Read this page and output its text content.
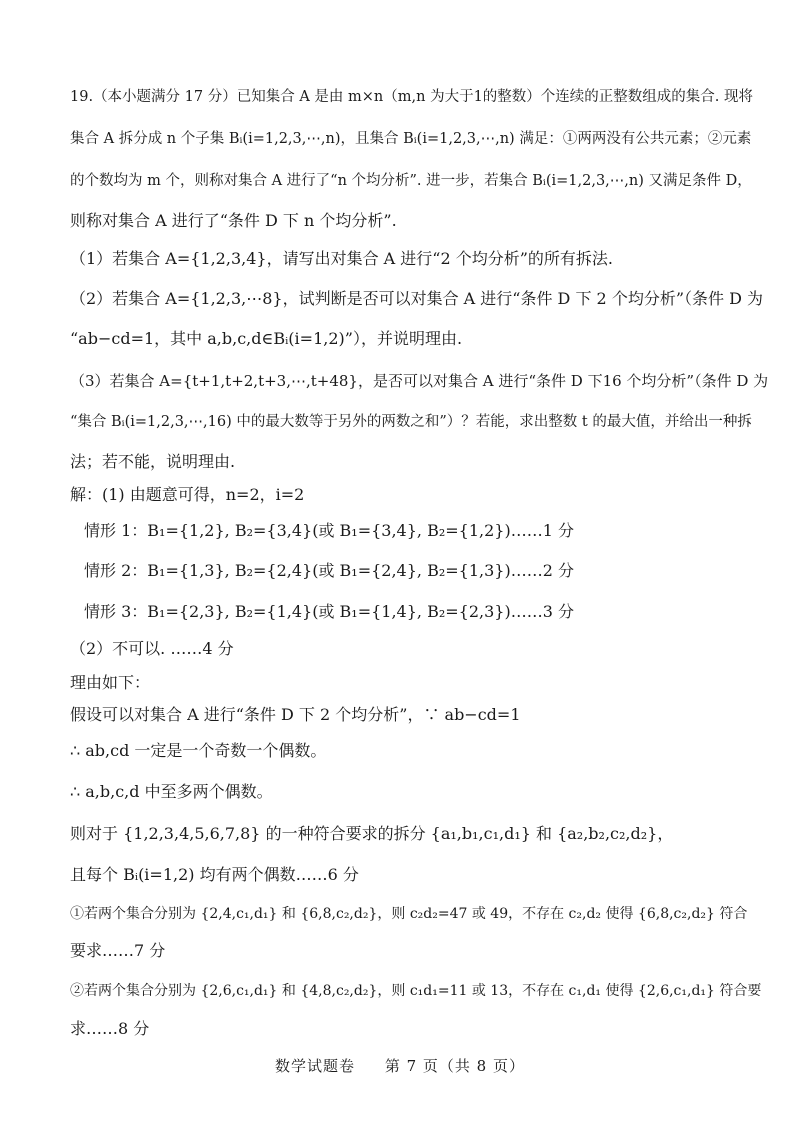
19.（本小题满分 17 分）已知集合 A 是由 m×n（m,n 为大于1的整数）个连续的正整数组成的集合. 现将
集合 A 拆分成 n 个子集 Bᵢ(i=1,2,3,⋯,n)，且集合 Bᵢ(i=1,2,3,⋯,n) 满足：①两两没有公共元素；②元素
的个数均为 m 个，则称对集合 A 进行了“n 个均分析”. 进一步，若集合 Bᵢ(i=1,2,3,⋯,n) 又满足条件 D，
则称对集合 A 进行了“条件 D 下 n 个均分析”.
（1）若集合 A={1,2,3,4}，请写出对集合 A 进行“2 个均分析”的所有拆法.
（2）若集合 A={1,2,3,⋯8}，试判断是否可以对集合 A 进行“条件 D 下 2 个均分析”（条件 D 为
“ab−cd=1，其中 a,b,c,d∈Bᵢ(i=1,2)”），并说明理由.
（3）若集合 A={t+1,t+2,t+3,⋯,t+48}，是否可以对集合 A 进行“条件 D 下16 个均分析”（条件 D 为
“集合 Bᵢ(i=1,2,3,⋯,16) 中的最大数等于另外的两数之和”）？若能，求出整数 t 的最大值，并给出一种拆
法；若不能，说明理由.
解：(1) 由题意可得，n=2，i=2
情形 1：B₁={1,2}, B₂={3,4}(或 B₁={3,4}, B₂={1,2})……1 分
情形 2：B₁={1,3}, B₂={2,4}(或 B₁={2,4}, B₂={1,3})……2 分
情形 3：B₁={2,3}, B₂={1,4}(或 B₁={1,4}, B₂={2,3})……3 分
（2）不可以. ……4 分
理由如下：
假设可以对集合 A 进行“条件 D 下 2 个均分析”，∵ ab−cd=1
∴ ab,cd 一定是一个奇数一个偶数。
∴ a,b,c,d 中至多两个偶数。
则对于 {1,2,3,4,5,6,7,8} 的一种符合要求的拆分 {a₁,b₁,c₁,d₁} 和 {a₂,b₂,c₂,d₂}，
且每个 Bᵢ(i=1,2) 均有两个偶数……6 分
①若两个集合分别为 {2,4,c₁,d₁} 和 {6,8,c₂,d₂}，则 c₂d₂=47 或 49，不存在 c₂,d₂ 使得 {6,8,c₂,d₂} 符合
要求……7 分
②若两个集合分别为 {2,6,c₁,d₁} 和 {4,8,c₂,d₂}，则 c₁d₁=11 或 13，不存在 c₁,d₁ 使得 {2,6,c₁,d₁} 符合要
求……8 分
数学试题卷 第 7 页（共 8 页）
